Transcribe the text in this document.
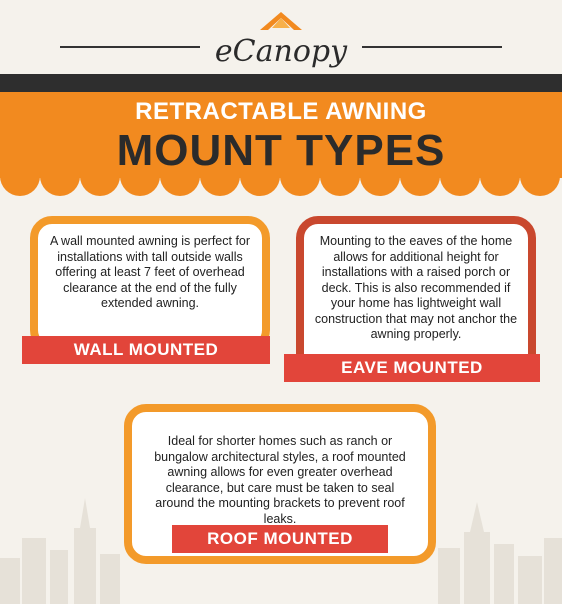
eCanopy
RETRACTABLE AWNING
MOUNT TYPES

A wall mounted awning is perfect for installations with tall outside walls offering at least 7 feet of overhead clearance at the end of the fully extended awning.

WALL MOUNTED

Mounting to the eaves of the home allows for additional height for installations with a raised porch or deck. This is also recommended if your home has lightweight wall construction that may not anchor the awning properly.

EAVE MOUNTED

Ideal for shorter homes such as ranch or bungalow architectural styles, a roof mounted awning allows for even greater overhead clearance, but care must be taken to seal around the mounting brackets to prevent roof leaks.

ROOF MOUNTED
